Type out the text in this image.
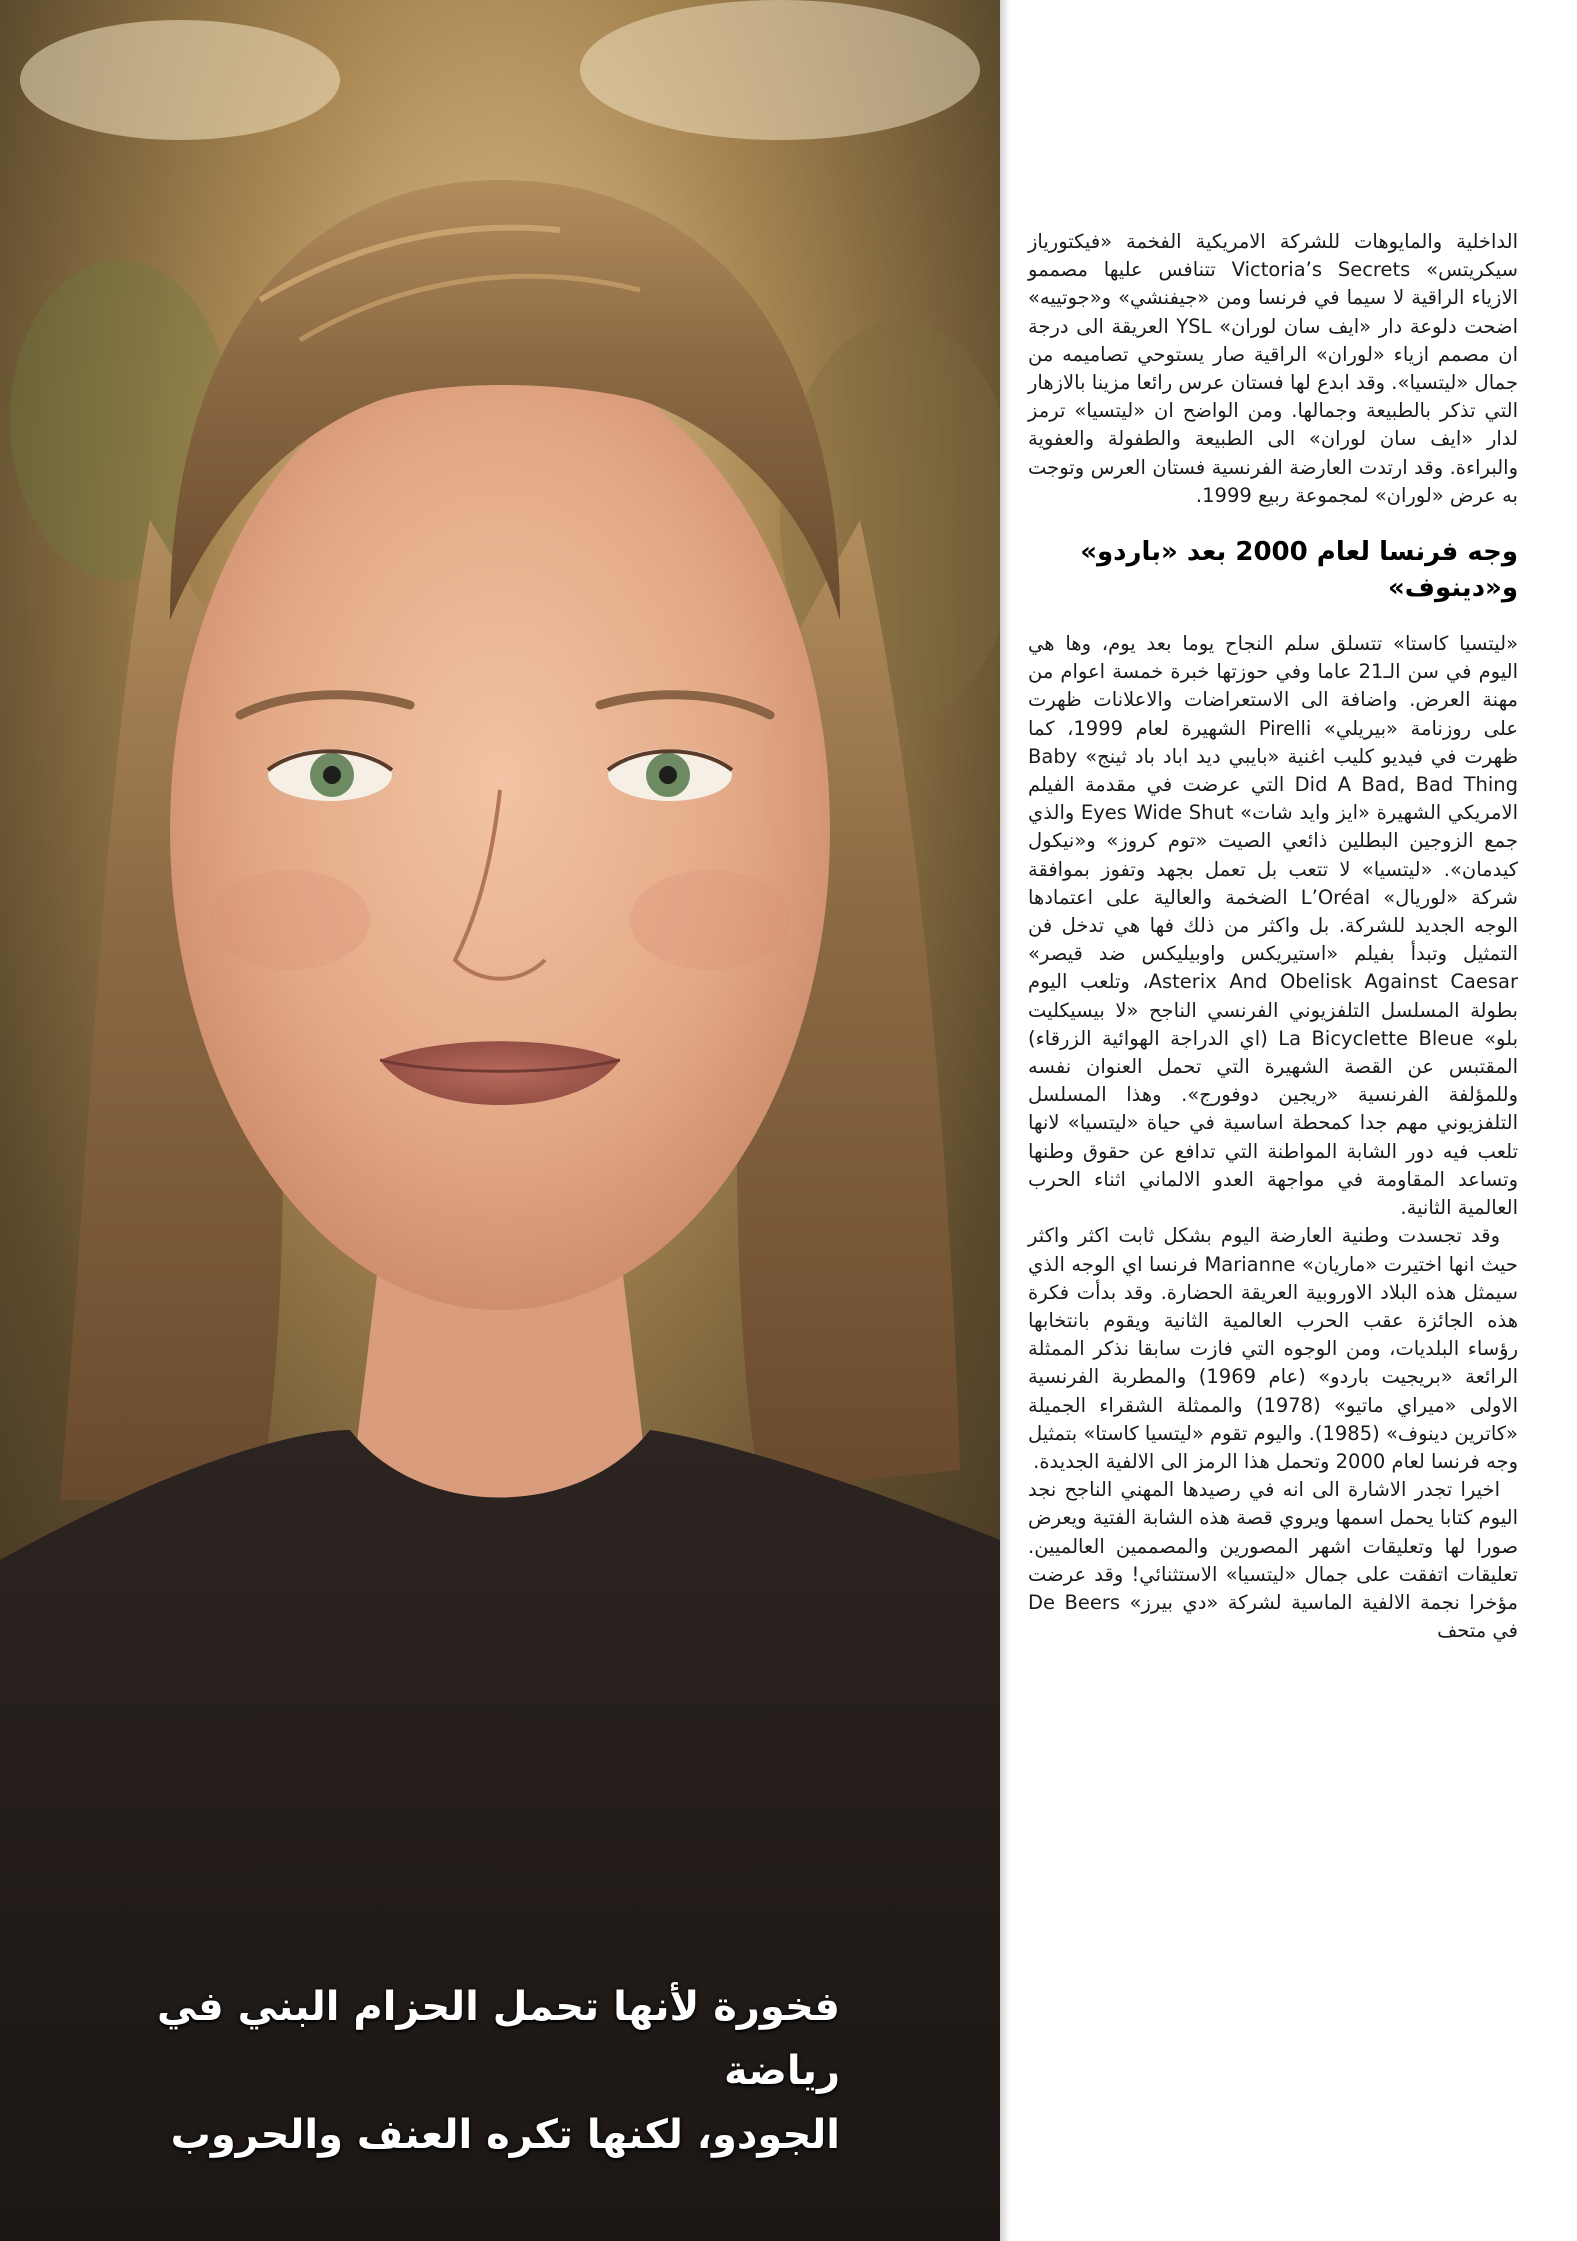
فخورة لأنها تحمل الحزام البني في رياضة
الجودو، لكنها تكره العنف والحروب

الداخلية والمايوهات للشركة الامريكية الفخمة «فيكتورياز سيكريتس» Victoria’s Secrets تتنافس عليها مصممو الازياء الراقية لا سيما في فرنسا ومن «جيفنشي» و«جوتييه» اضحت دلوعة دار «ايف سان لوران» YSL العريقة الى درجة ان مصمم ازياء «لوران» الراقية صار يستوحي تصاميمه من جمال «ليتسيا». وقد ابدع لها فستان عرس رائعا مزينا بالازهار التي تذكر بالطبيعة وجمالها. ومن الواضح ان «ليتسيا» ترمز لدار «ايف سان لوران» الى الطبيعة والطفولة والعفوية والبراءة. وقد ارتدت العارضة الفرنسية فستان العرس وتوجت به عرض «لوران» لمجموعة ربيع 1999.

وجه فرنسا لعام 2000 بعد «باردو» و«دينوف»

«ليتسيا كاستا» تتسلق سلم النجاح يوما بعد يوم، وها هي اليوم في سن الـ21 عاما وفي حوزتها خبرة خمسة اعوام من مهنة العرض. واضافة الى الاستعراضات والاعلانات ظهرت على روزنامة «بيريلي» Pirelli الشهيرة لعام 1999، كما ظهرت في فيديو كليب اغنية «بايبي ديد اباد باد ثينج» Baby Did A Bad, Bad Thing التي عرضت في مقدمة الفيلم الامريكي الشهيرة «ايز وايد شات» Eyes Wide Shut والذي جمع الزوجين البطلين ذائعي الصيت «توم كروز» و«نيكول كيدمان». «ليتسيا» لا تتعب بل تعمل بجهد وتفوز بموافقة شركة «لوريال» L’Oréal الضخمة والعالية على اعتمادها الوجه الجديد للشركة. بل واكثر من ذلك فها هي تدخل فن التمثيل وتبدأ بفيلم «استيريكس واوبيليكس ضد قيصر» Asterix And Obelisk Against Caesar، وتلعب اليوم بطولة المسلسل التلفزيوني الفرنسي الناجح «لا بيسيكليت بلو» La Bicyclette Bleue (اي الدراجة الهوائية الزرقاء) المقتبس عن القصة الشهيرة التي تحمل العنوان نفسه وللمؤلفة الفرنسية «ريجين دوفورج». وهذا المسلسل التلفزيوني مهم جدا كمحطة اساسية في حياة «ليتسيا» لانها تلعب فيه دور الشابة المواطنة التي تدافع عن حقوق وطنها وتساعد المقاومة في مواجهة العدو الالماني اثناء الحرب العالمية الثانية.

وقد تجسدت وطنية العارضة اليوم بشكل ثابت اكثر واكثر حيث انها اختيرت «ماريان» Marianne فرنسا اي الوجه الذي سيمثل هذه البلاد الاوروبية العريقة الحضارة. وقد بدأت فكرة هذه الجائزة عقب الحرب العالمية الثانية ويقوم بانتخابها رؤساء البلديات، ومن الوجوه التي فازت سابقا نذكر الممثلة الرائعة «بريجيت باردو» (عام 1969) والمطربة الفرنسية الاولى «ميراي ماتيو» (1978) والممثلة الشقراء الجميلة «كاترين دينوف» (1985). واليوم تقوم «ليتسيا كاستا» بتمثيل وجه فرنسا لعام 2000 وتحمل هذا الرمز الى الالفية الجديدة.

اخيرا تجدر الاشارة الى انه في رصيدها المهني الناجح نجد اليوم كتابا يحمل اسمها ويروي قصة هذه الشابة الفتية ويعرض صورا لها وتعليقات اشهر المصورين والمصممين العالميين. تعليقات اتفقت على جمال «ليتسيا» الاستثنائي! وقد عرضت مؤخرا نجمة الالفية الماسية لشركة «دي بيرز» De Beers في متحف
